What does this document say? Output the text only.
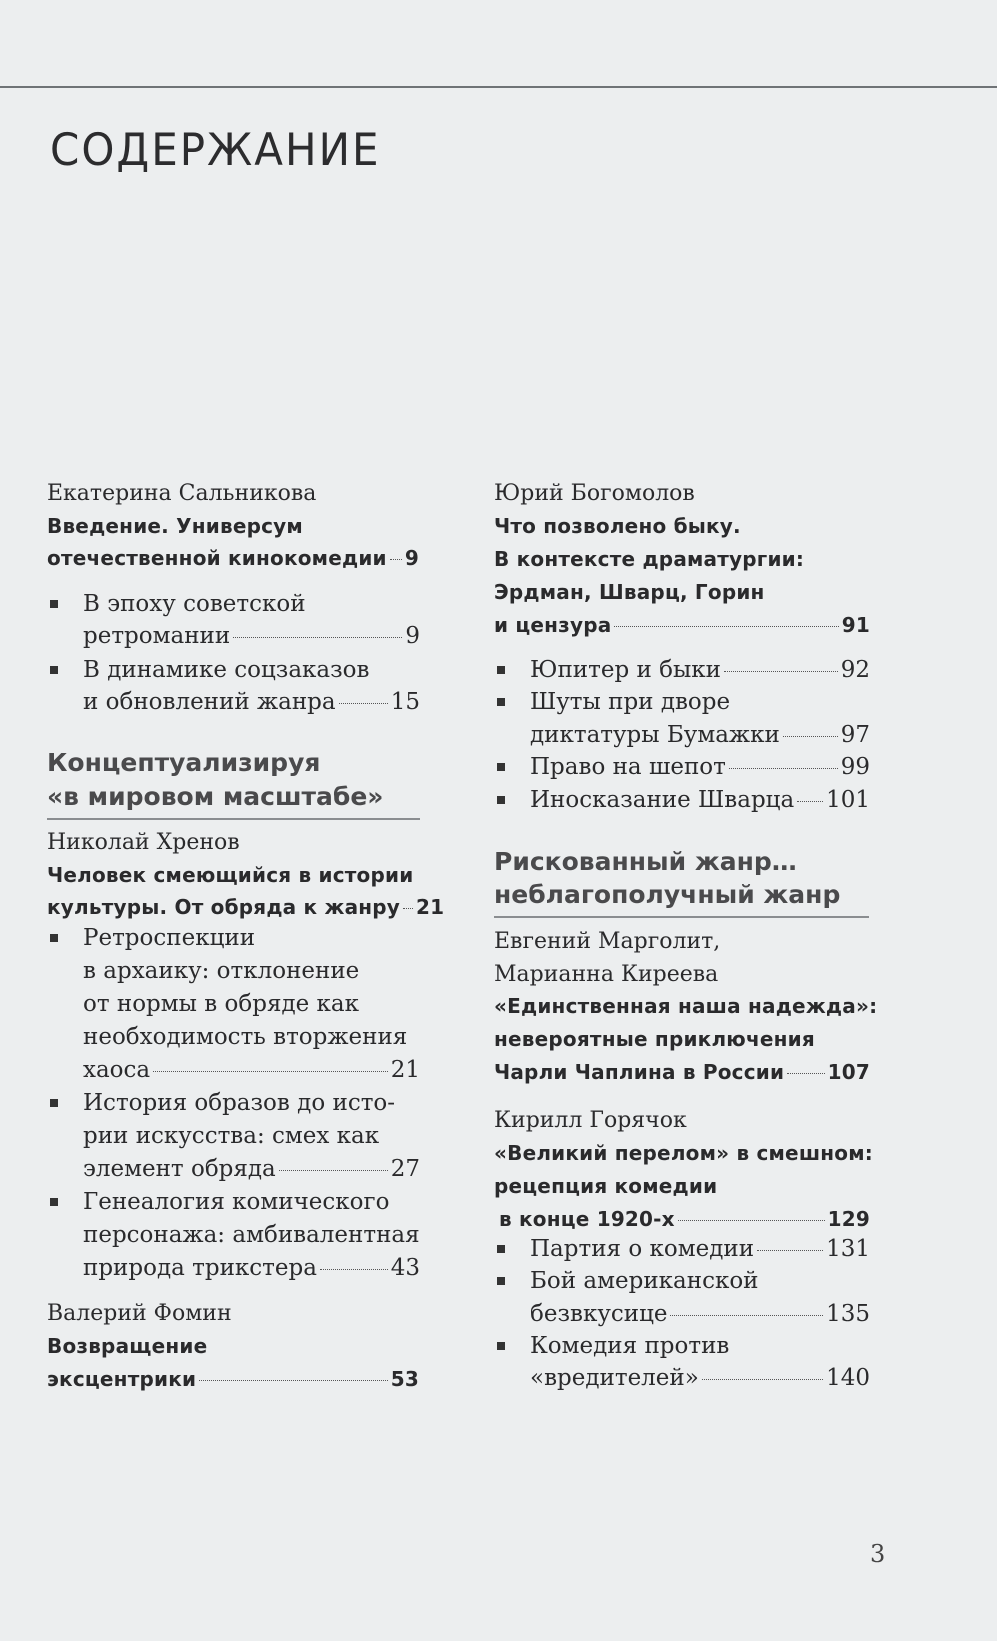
СОДЕРЖАНИЕ
Екатерина Сальникова
Введение. Универсум
отечественной кинокомедии 9
В эпоху советской
ретромании	9
В динамике соцзаказов
и обновлений жанра 15
Концептуализируя
«в мировом масштабе»
Николай Хренов
Человек смеющийся в истории
культуры. От обряда к жанру 21
Ретроспекции
в архаику: отклонение
от нормы в обряде как
необходимость вторжения
хаоса	21
История образов до исто-
рии искусства: смех как
элемент обряда	27
Генеалогия комического
персонажа: амбивалентная
природа трикстера	43
Валерий Фомин
Возвращение
эксцентрики	53
Юрий Богомолов
Что позволено быку.
В контексте драматургии:
Эрдман, Шварц, Горин
и цензура	91
Юпитер и быки	92
Шуты при дворе
диктатуры Бумажки	97
Право на шепот	99
Иносказание Шварца 101
Рискованный жанр…
неблагополучный жанр
Евгений Марголит,
Марианна Киреева
«Единственная наша надежда»:
невероятные приключения
Чарли Чаплина в России 107
Кирилл Горячок
«Великий перелом» в смешном:
рецепция комедии
в конце 1920-х	129
Партия о комедии	131
Бой американской
безвкусице	135
Комедия против
«вредителей»	140
3
